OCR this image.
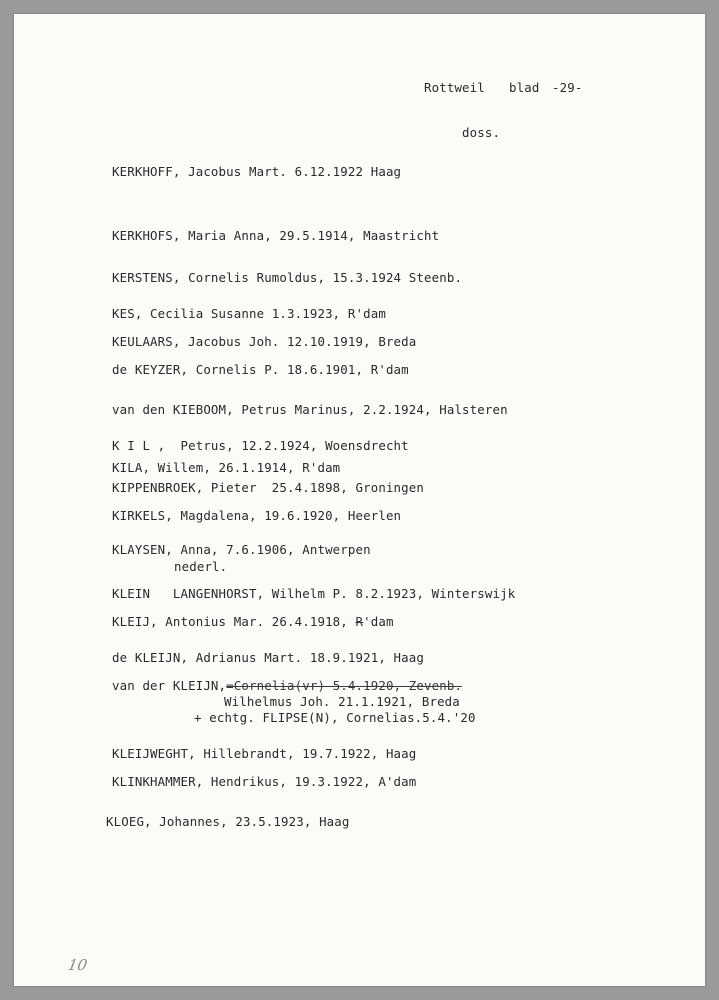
Rottweil blad -29-
doss.
KERKHOFF, Jacobus Mart. 6.12.1922 Haag
KERKHOFS, Maria Anna, 29.5.1914, Maastricht
KERSTENS, Cornelis Rumoldus, 15.3.1924 Steenb.
KES, Cecilia Susanne 1.3.1923, R'dam
KEULAARS, Jacobus Joh. 12.10.1919, Breda
de KEYZER, Cornelis P. 18.6.1901, R'dam
van den KIEBOOM, Petrus Marinus, 2.2.1924, Halsteren
K I L ,  Petrus, 12.2.1924, Woensdrecht
KILA, Willem, 26.1.1914, R'dam
KIPPENBROEK, Pieter  25.4.1898, Groningen
KIRKELS, Magdalena, 19.6.1920, Heerlen
KLAYSEN, Anna, 7.6.1906, Antwerpen
nederl.
KLEIN   LANGENHORST, Wilhelm P. 8.2.1923, Winterswijk
KLEIJ, Antonius Mar. 26.4.1918, R'dam
de KLEIJN, Adrianus Mart. 18.9.1921, Haag
van der KLEIJN,=Cornelia(vr) 5.4.1920, Zevenb.
Wilhelmus Joh. 21.1.1921, Breda
+ echtg. FLIPSE(N), Cornelias.5.4.'20
KLEIJWEGHT, Hillebrandt, 19.7.1922, Haag
KLINKHAMMER, Hendrikus, 19.3.1922, A'dam
KLOEG, Johannes, 23.5.1923, Haag
10
